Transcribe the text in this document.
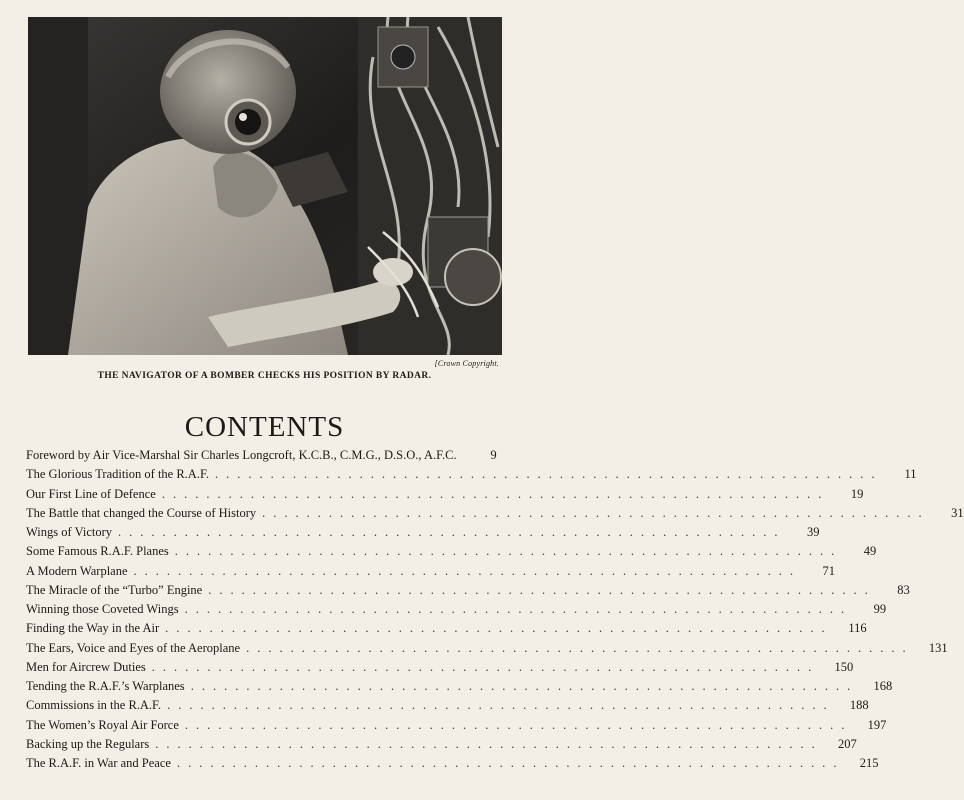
[Crown Copyright.
THE NAVIGATOR OF A BOMBER CHECKS HIS POSITION BY RADAR.
CONTENTS
Foreword by Air Vice-Marshal Sir Charles Longcroft, K.C.B., C.M.G., D.S.O., A.F.C.	9
The Glorious Tradition of the R.A.F. ............................................................	11
Our First Line of Defence ............................................................	19
The Battle that changed the Course of History ............................................................	31
Wings of Victory ............................................................	39
Some Famous R.A.F. Planes ............................................................	49
A Modern Warplane ............................................................	71
The Miracle of the “Turbo” Engine ............................................................	83
Winning those Coveted Wings ............................................................	99
Finding the Way in the Air ............................................................	116
The Ears, Voice and Eyes of the Aeroplane ............................................................	131
Men for Aircrew Duties ............................................................	150
Tending the R.A.F.’s Warplanes ............................................................	168
Commissions in the R.A.F. ............................................................	188
The Women’s Royal Air Force ............................................................	197
Backing up the Regulars ............................................................	207
The R.A.F. in War and Peace ............................................................	215
